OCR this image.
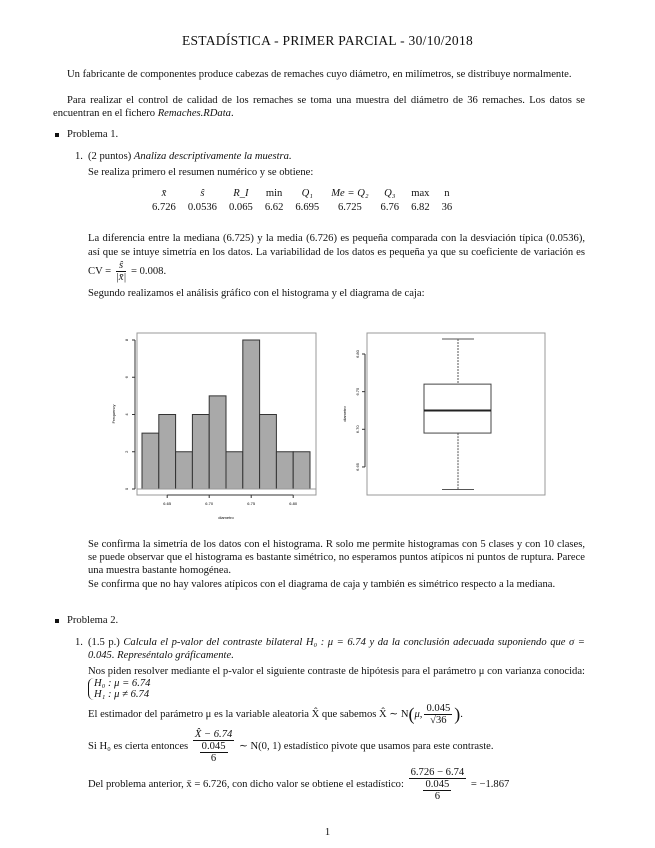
ESTADÍSTICA - PRIMER PARCIAL - 30/10/2018

Un fabricante de componentes produce cabezas de remaches cuyo diámetro, en milímetros, se distribuye normalmente.

Para realizar el control de calidad de los remaches se toma una muestra del diámetro de 36 remaches. Los datos se encuentran en el fichero Remaches.RData.

Problema 1.
1. (2 puntos) Analiza descriptivamente la muestra.
Se realiza primero el resumen numérico y se obtiene:
x̄	ŝ	R_I	min	Q₁	Me = Q₂	Q₃	max	n
6.726	0.0536	0.065	6.62	6.695	6.725	6.76	6.82	36

La diferencia entre la mediana (6.725) y la media (6.726) es pequeña comparada con la desviación típica (0.0536), así que se intuye simetría en los datos. La variabilidad de los datos es pequeña ya que su coeficiente de variación es CV = $\frac{ŝ}{|x̄|} = 0.008$.

Segundo realizamos el análisis gráfico con el histograma y el diagrama de caja:
0
2
4
6
8
6.65	6.70	6.75	6.80
diametro
Frequency
6.65
6.70
6.75
6.80
diametro

Se confirma la simetría de los datos con el histograma. R solo me permite histogramas con 5 clases y con 10 clases, se puede observar que el histograma es bastante simétrico, no esperamos puntos atípicos ni puntos de ruptura. Parece una muestra bastante homogénea.

Se confirma que no hay valores atípicos con el diagrama de caja y también es simétrico respecto a la mediana.

Problema 2.
1. (1.5 p.) Calcula el p-valor del contraste bilateral H₀ : μ = 6.74 y da la conclusión adecuada suponiendo que σ = 0.045. Represéntalo gráficamente.

Nos piden resolver mediante el p-valor el siguiente contraste de hipótesis para el parámetro μ con varianza conocida: H₀ : μ = 6.74
H₁ : μ ≠ 6.74

El estimador del parámetro μ es la variable aleatoria X̂ que sabemos X̂ ∼ N(μ, $\frac{0.045}{√36}$ ).
Si H₀ es cierta entonces $\frac{X̂ - 6.74}{\frac{0.045}{6}}$ ∼ N(0, 1) estadístico pivote que usamos para este contraste.
Del problema anterior, x̄ = 6.726, con dicho valor se obtiene el estadístico: $\frac{6.726 - 6.74}{\frac{0.045}{6}} = -1.867$
1
